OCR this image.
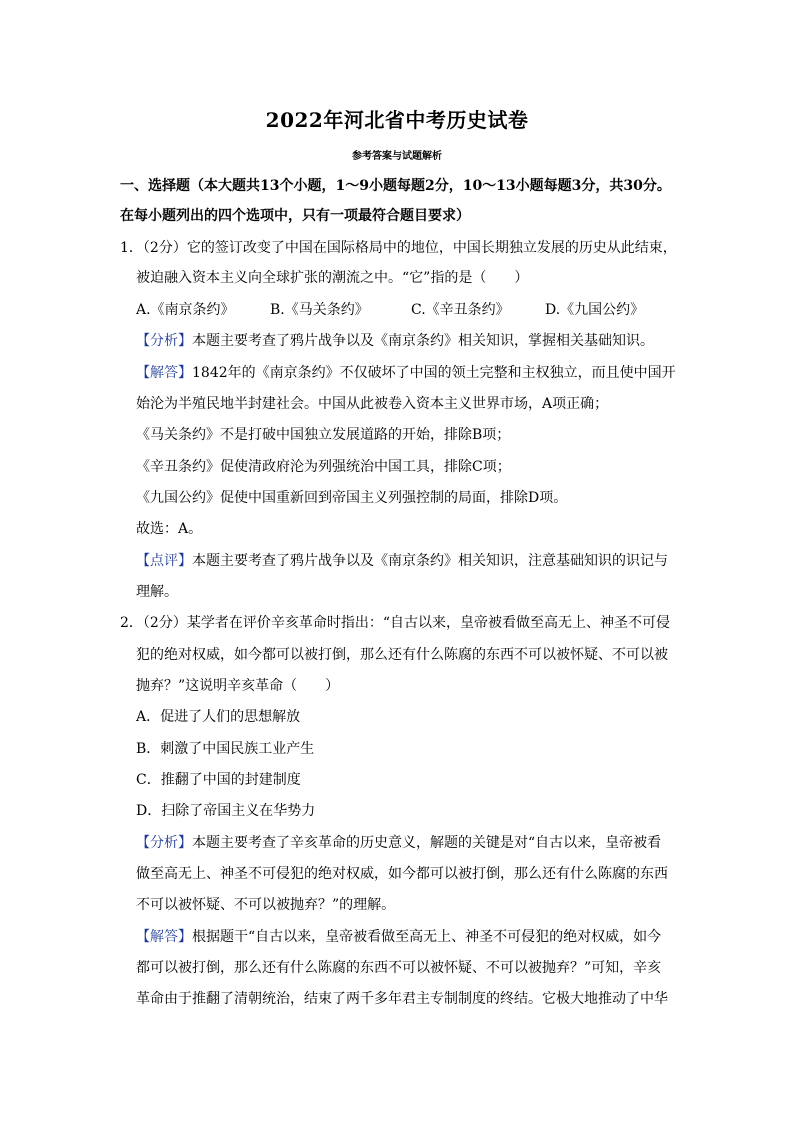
2022年河北省中考历史试卷
参考答案与试题解析
一、选择题（本大题共13个小题，1～9小题每题2分，10～13小题每题3分，共30分。
在每小题列出的四个选项中，只有一项最符合题目要求）
1．（2分）它的签订改变了中国在国际格局中的地位，中国长期独立发展的历史从此结束，
被迫融入资本主义向全球扩张的潮流之中。“它”指的是（　　）
A.《南京条约》	B.《马关条约》	C.《辛丑条约》	D.《九国公约》
【分析】本题主要考查了鸦片战争以及《南京条约》相关知识，掌握相关基础知识。
【解答】1842年的《南京条约》不仅破坏了中国的领土完整和主权独立，而且使中国开
始沦为半殖民地半封建社会。中国从此被卷入资本主义世界市场，A项正确；
《马关条约》不是打破中国独立发展道路的开始，排除B项；
《辛丑条约》促使清政府沦为列强统治中国工具，排除C项；
《九国公约》促使中国重新回到帝国主义列强控制的局面，排除D项。
故选：A。
【点评】本题主要考查了鸦片战争以及《南京条约》相关知识，注意基础知识的识记与
理解。
2．（2分）某学者在评价辛亥革命时指出：“自古以来，皇帝被看做至高无上、神圣不可侵
犯的绝对权威，如今都可以被打倒，那么还有什么陈腐的东西不可以被怀疑、不可以被
抛弃？”这说明辛亥革命（　　）
A．促进了人们的思想解放
B．刺激了中国民族工业产生
C．推翻了中国的封建制度
D．扫除了帝国主义在华势力
【分析】本题主要考查了辛亥革命的历史意义，解题的关键是对“自古以来，皇帝被看
做至高无上、神圣不可侵犯的绝对权威，如今都可以被打倒，那么还有什么陈腐的东西
不可以被怀疑、不可以被抛弃？”的理解。
【解答】根据题干“自古以来，皇帝被看做至高无上、神圣不可侵犯的绝对权威，如今
都可以被打倒，那么还有什么陈腐的东西不可以被怀疑、不可以被抛弃？”可知，辛亥
革命由于推翻了清朝统治，结束了两千多年君主专制制度的终结。它极大地推动了中华
